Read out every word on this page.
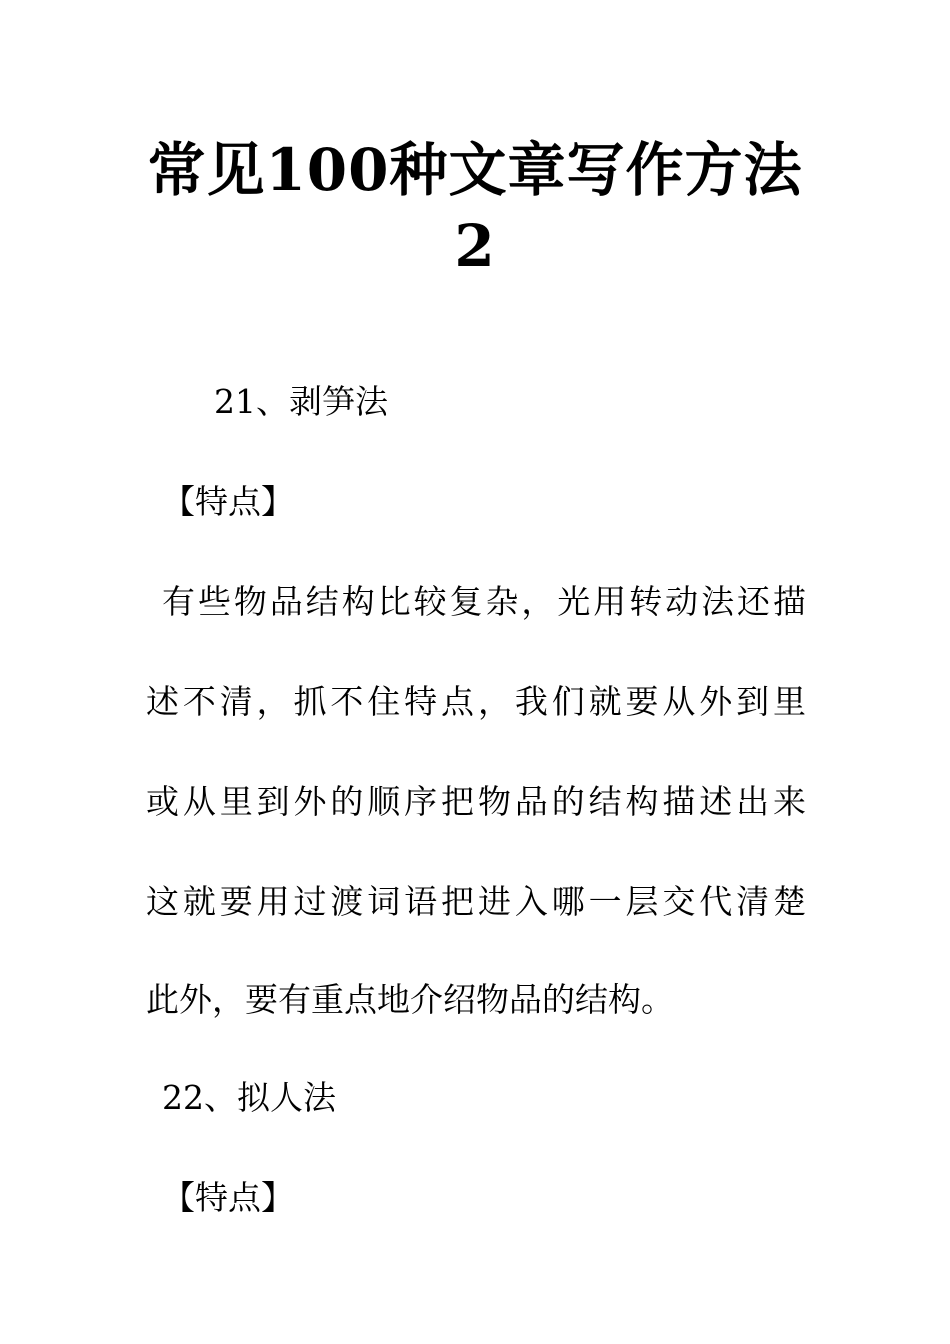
常见100种文章写作方法
2
21、剥笋法
【特点】
有些物品结构比较复杂，光用转动法还描
述不清，抓不住特点，我们就要从外到里
或从里到外的顺序把物品的结构描述出来
这就要用过渡词语把进入哪一层交代清楚
此外，要有重点地介绍物品的结构。
22、拟人法
【特点】
